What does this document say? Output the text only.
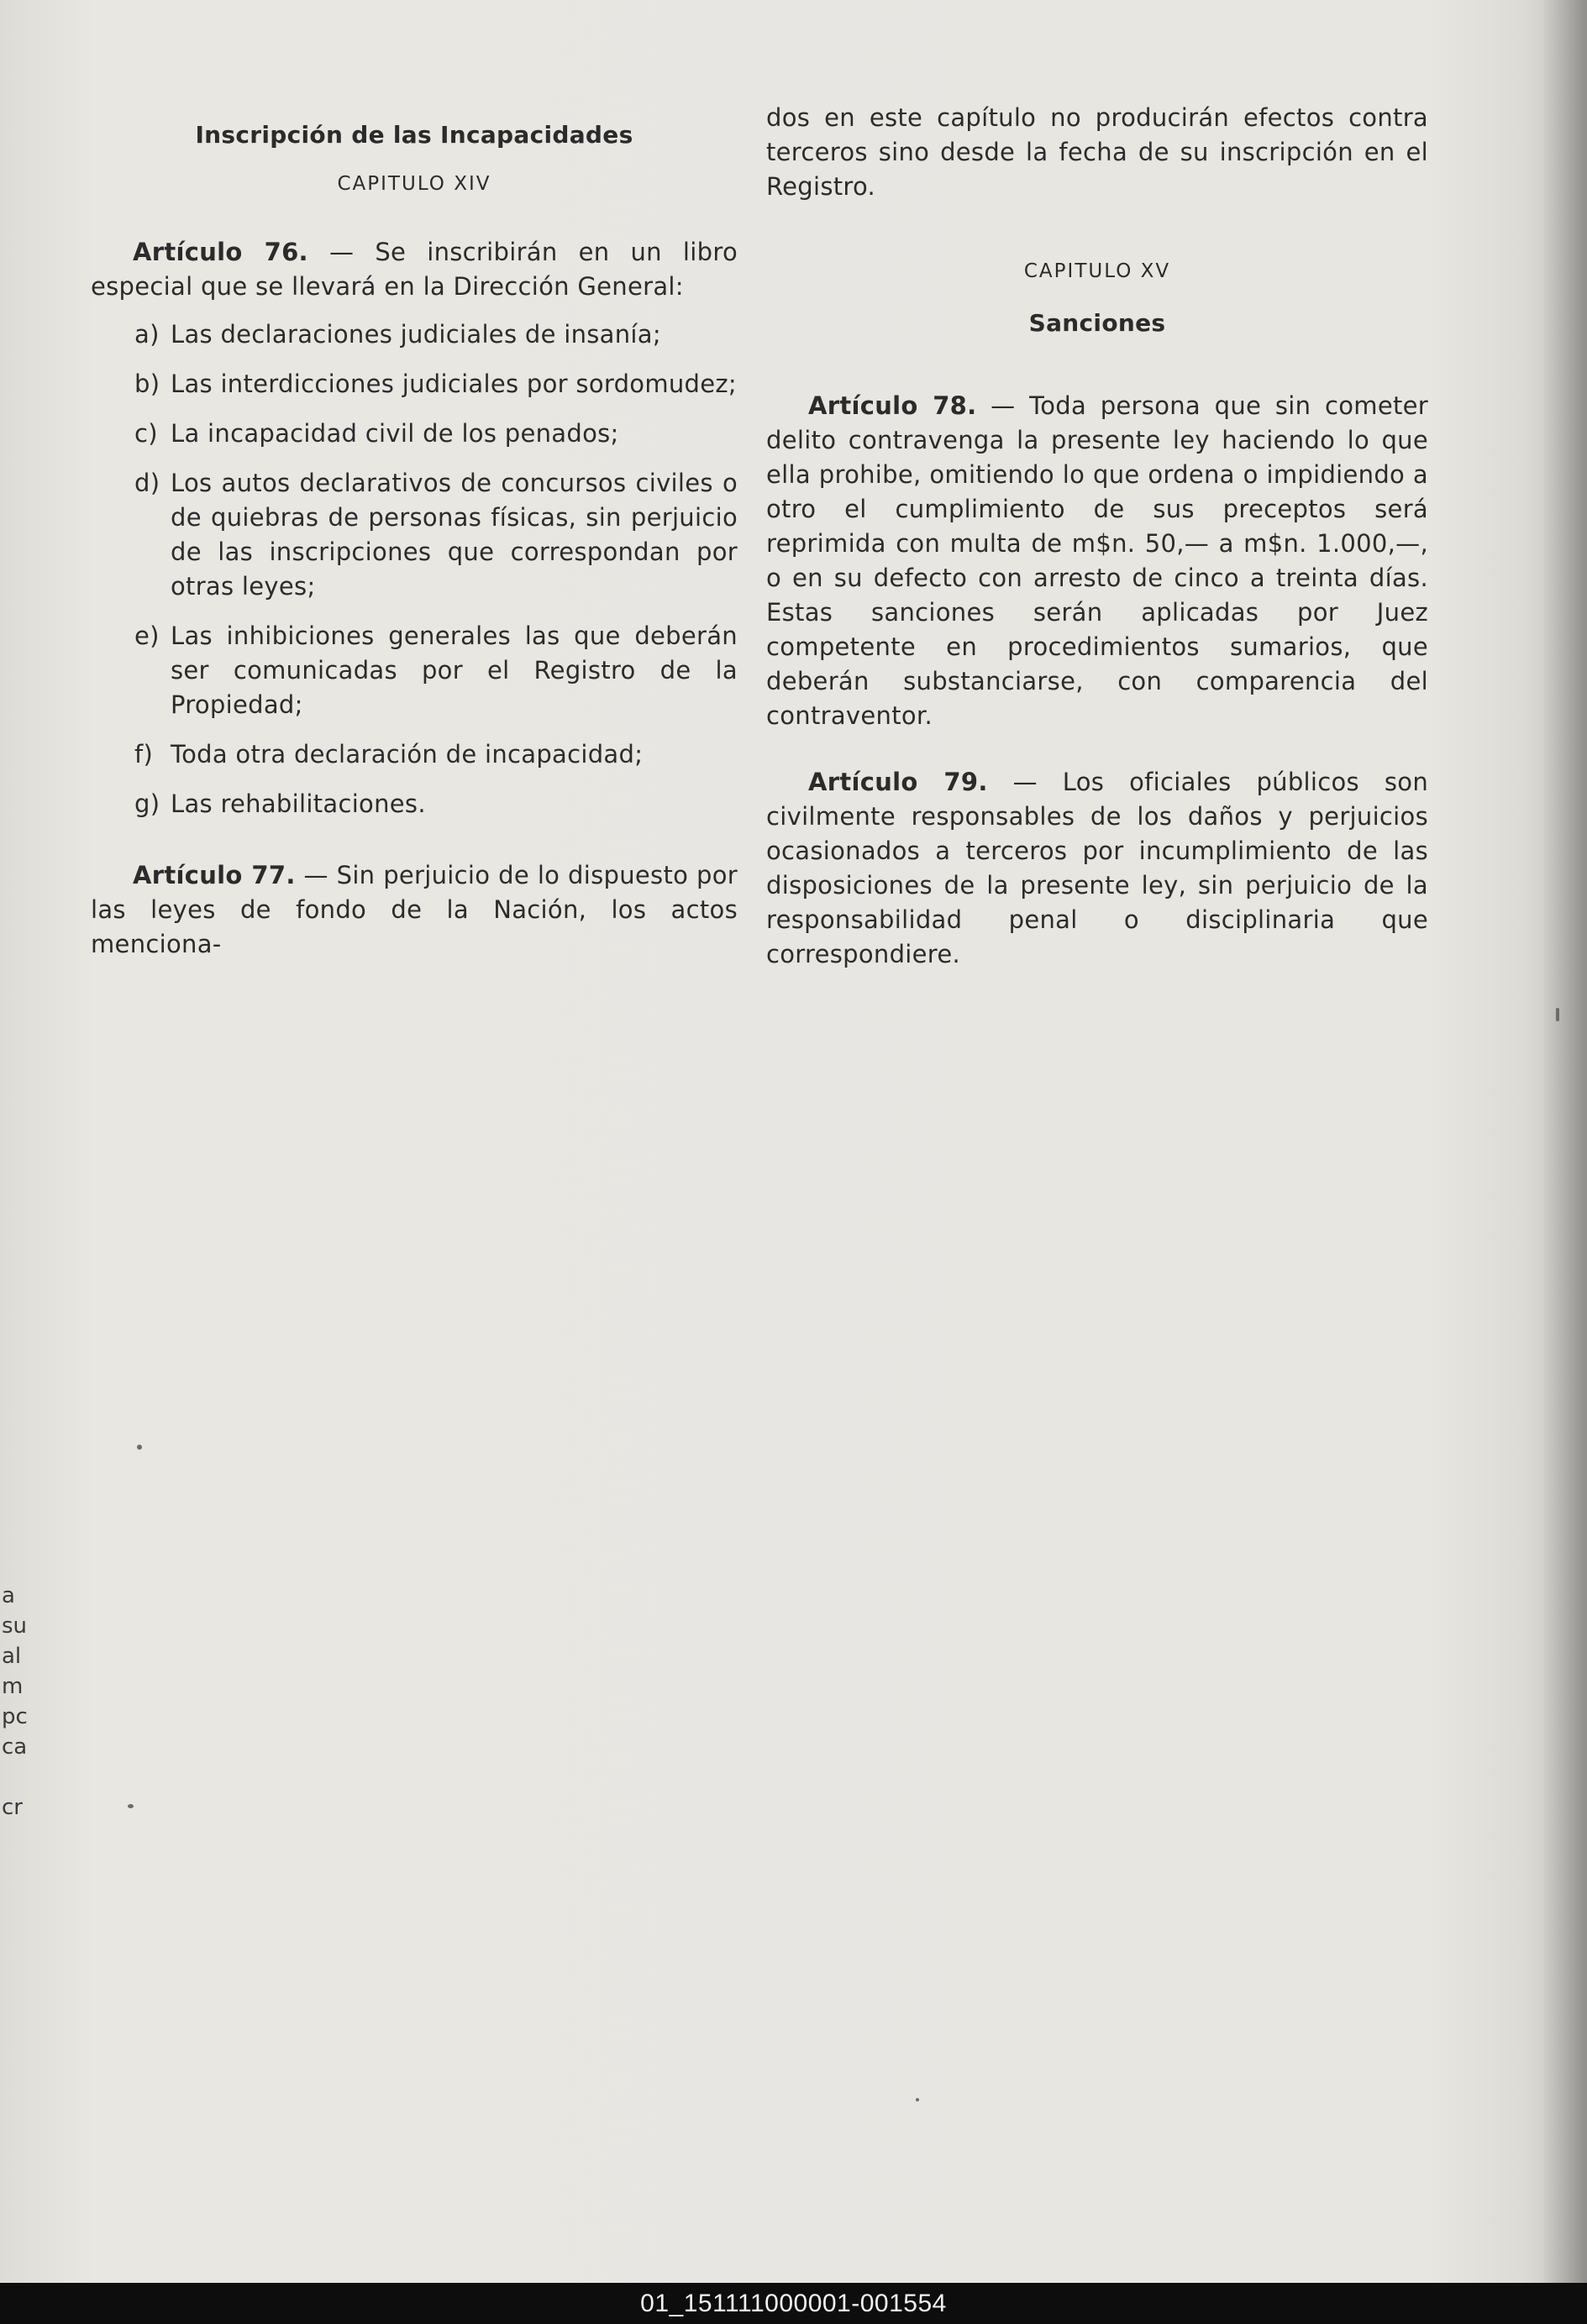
Inscripción de las Incapacidades

CAPITULO XIV

Artículo 76. — Se inscribirán en un libro especial que se llevará en la Dirección General:

a) Las declaraciones judiciales de insanía;
b) Las interdicciones judiciales por sordomudez;
c) La incapacidad civil de los penados;
d) Los autos declarativos de concursos civiles o de quiebras de personas físicas, sin perjuicio de las inscripciones que correspondan por otras leyes;
e) Las inhibiciones generales las que deberán ser comunicadas por el Registro de la Propiedad;
f) Toda otra declaración de incapacidad;
g) Las rehabilitaciones.

Artículo 77. — Sin perjuicio de lo dispuesto por las leyes de fondo de la Nación, los actos menciona-

dos en este capítulo no producirán efectos contra terceros sino desde la fecha de su inscripción en el Registro.

CAPITULO XV

Sanciones

Artículo 78. — Toda persona que sin cometer delito contravenga la presente ley haciendo lo que ella prohibe, omitiendo lo que ordena o impidiendo a otro el cumplimiento de sus preceptos será reprimida con multa de m$n. 50,— a m$n. 1.000,—, o en su defecto con arresto de cinco a treinta días. Estas sanciones serán aplicadas por Juez competente en procedimientos sumarios, que deberán substanciarse, con comparencia del contraventor.

Artículo 79. — Los oficiales públicos son civilmente responsables de los daños y perjuicios ocasionados a terceros por incumplimiento de las disposiciones de la presente ley, sin perjuicio de la responsabilidad penal o disciplinaria que correspondiere.

a
su
al
m
pc
ca
cr
01_151111000001-001554
